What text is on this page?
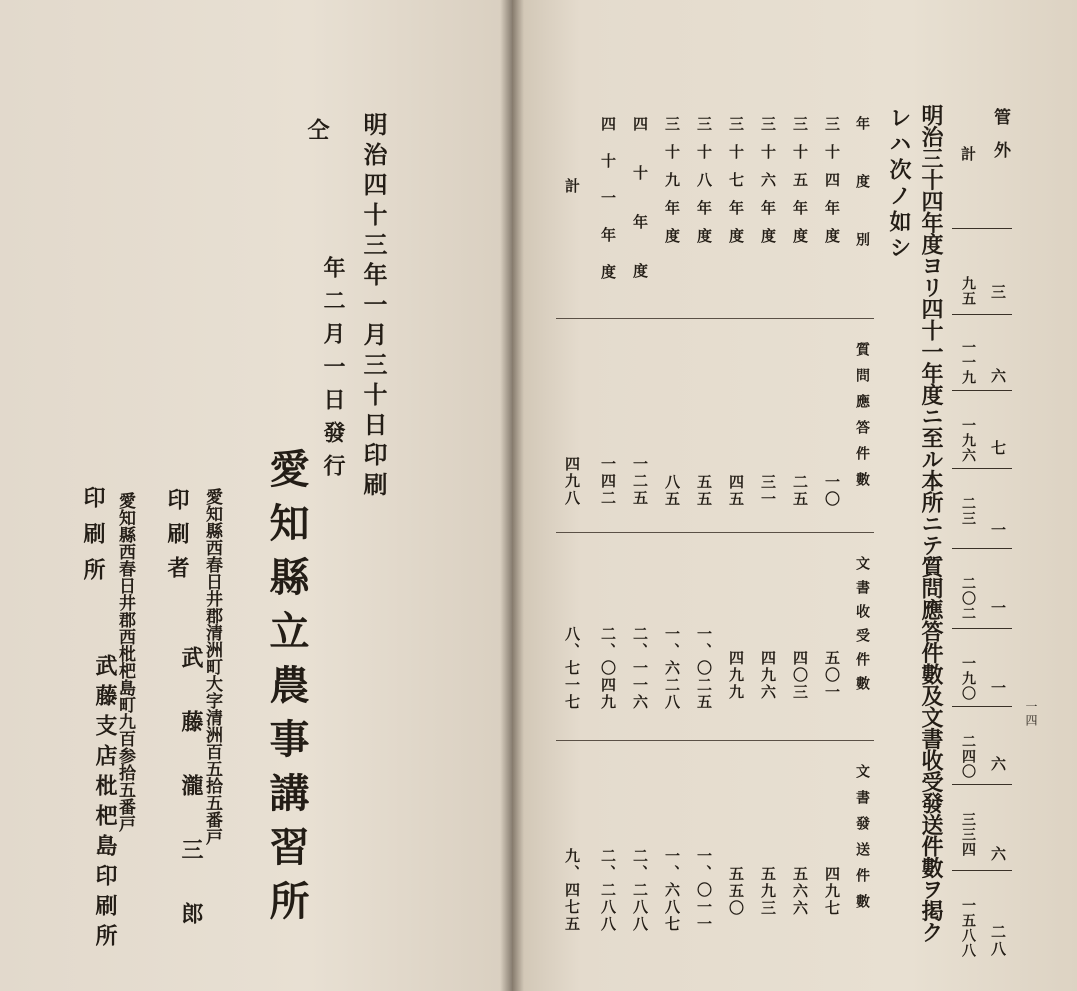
仝 明治四十三年一月三十日印刷
年二月一日發行
愛知縣立農事講習所
愛知縣西春日井郡清洲町大字清洲百五拾五番戸
印刷者
武藤瀧三郎
愛知縣西春日井郡西枇杷島町九百参拾五番戸
印刷所
武藤支店枇杷島印刷所	一四
管外
計
三
六
七
一
一
一
六
六
二八
九五
一一九
一九六
二三
二〇二
一九〇
二四〇
三三四
一五八八
明治三十四年度ヨリ四十一年度ニ至ル本所ニテ質問應答件數及文書收受發送件數ヲ掲ク
レハ次ノ如シ
年度別
質問應答件數
文書收受件數
文書發送件數
三十四年度
一〇
五〇一
四九七
三十五年度
二五
四〇三
五六六
三十六年度
三一
四九六
五九三
三十七年度
四五
四九九
五五〇
三十八年度
五五
一、〇二五
一、〇一一
三十九年度
八五
一、六二八
一、六八七
四十年度
一二五
二、一一六
二、二八八
四十一年度
一四二
二、〇四九
二、二八八
計
四九八
八、七一七
九、四七五
